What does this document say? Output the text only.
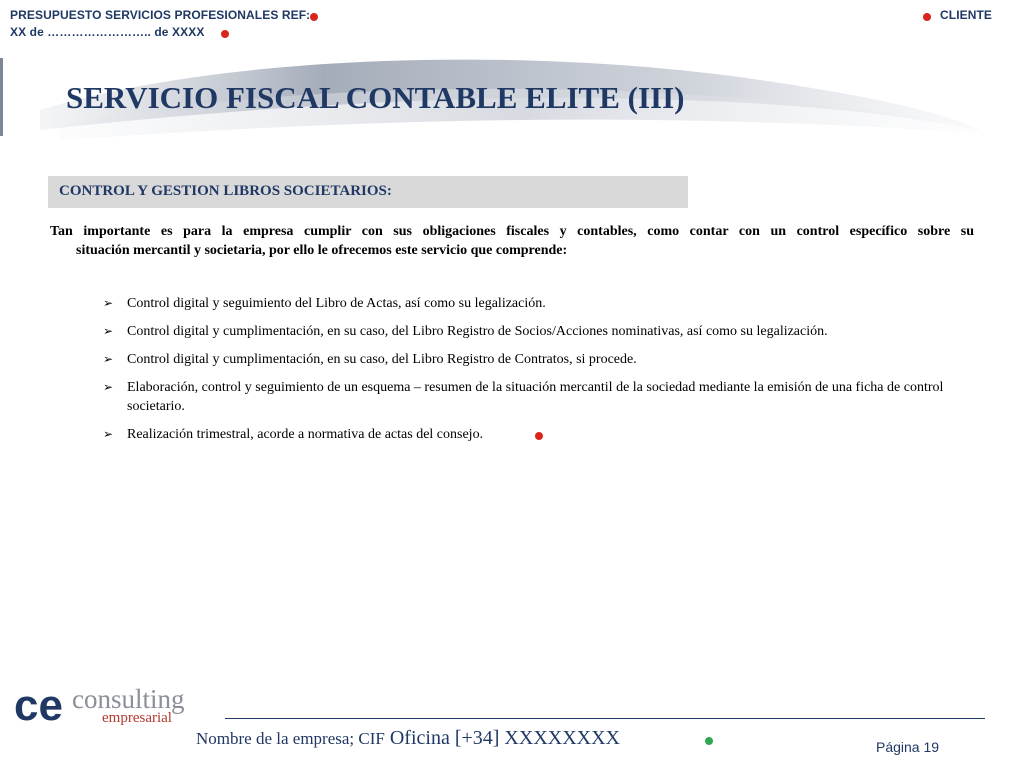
PRESUPUESTO SERVICIOS PROFESIONALES REF:
XX de …………………….. de XXXX
CLIENTE
SERVICIO FISCAL CONTABLE ELITE (III)
CONTROL Y GESTION LIBROS SOCIETARIOS:
Tan importante es para la empresa cumplir con sus obligaciones fiscales y contables, como contar con un control específico sobre su
situación mercantil y societaria, por ello le ofrecemos este servicio que comprende:
➢ Control digital y seguimiento del Libro de Actas, así como su legalización.
➢ Control digital y cumplimentación, en su caso, del Libro Registro de Socios/Acciones nominativas, así como su legalización.
➢ Control digital y cumplimentación, en su caso, del Libro Registro de Contratos, si procede.
➢ Elaboración, control y seguimiento de un esquema – resumen de la situación mercantil de la sociedad mediante la emisión de una ficha de control societario.
➢ Realización trimestral, acorde a normativa de actas del consejo.
ce consulting
empresarial
Nombre de la empresa; CIF Oficina [+34] XXXXXXXX	Página 19
